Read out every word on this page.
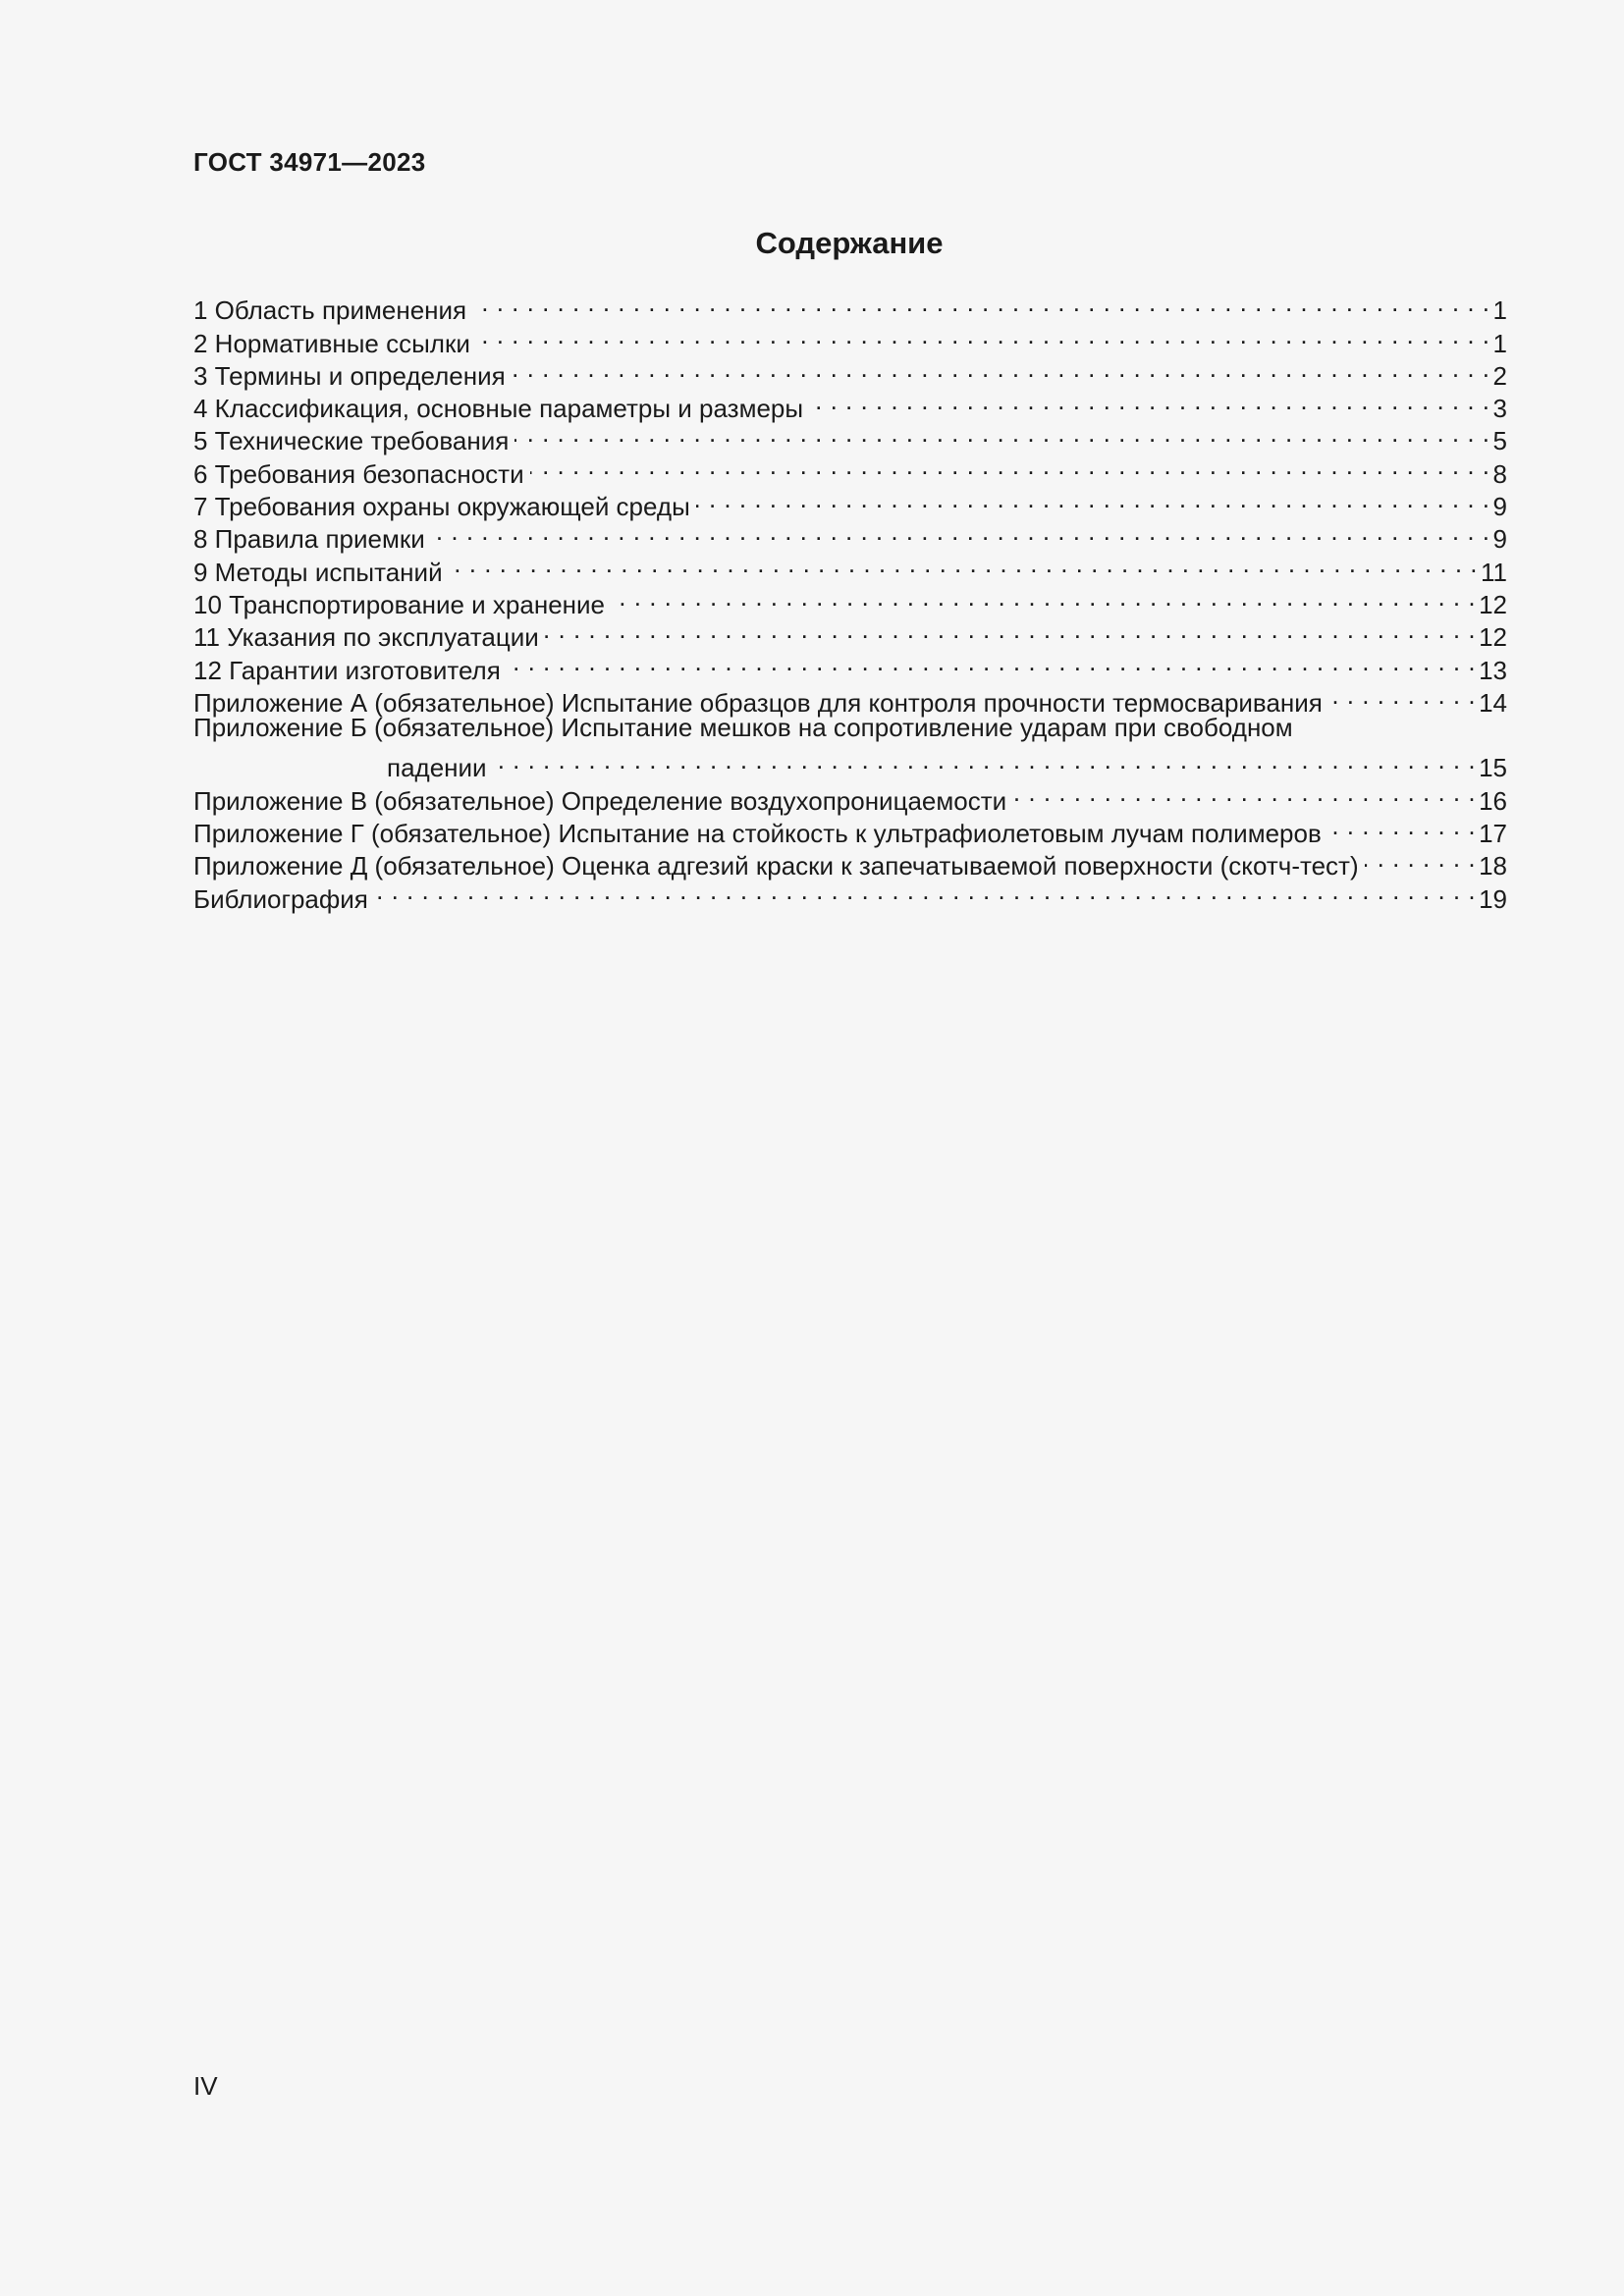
ГОСТ 34971—2023
Содержание
1 Область применения . . .	1
2 Нормативные ссылки . . .	1
3 Термины и определения . . .	2
4 Классификация, основные параметры и размеры . . .	3
5 Технические требования . . .	5
6 Требования безопасности . . .	8
7 Требования охраны окружающей среды . . .	9
8 Правила приемки . . .	9
9 Методы испытаний . . .	11
10 Транспортирование и хранение . . .	12
11 Указания по эксплуатации . . .	12
12 Гарантии изготовителя . . .	13
Приложение А (обязательное) Испытание образцов для контроля прочности термосваривания . . .	14
Приложение Б (обязательное) Испытание мешков на сопротивление ударам при свободном
падении . . .	15
Приложение В (обязательное) Определение воздухопроницаемости . . .	16
Приложение Г (обязательное) Испытание на стойкость к ультрафиолетовым лучам полимеров . . .	17
Приложение Д (обязательное) Оценка адгезий краски к запечатываемой поверхности (скотч-тест) . . .	18
Библиография . . .	19
IV
